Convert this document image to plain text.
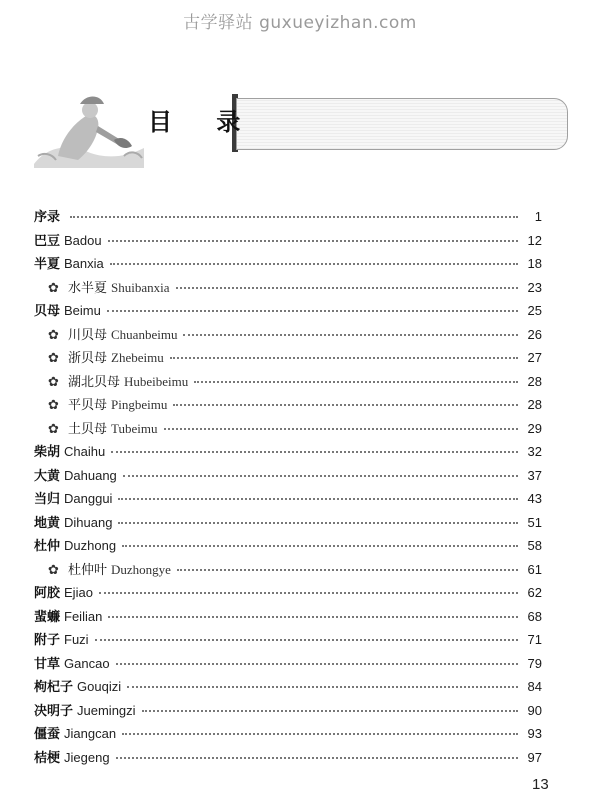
古学驿站 guxueyizhan.com
目 录
序录	1
巴豆 Badou	12
半夏 Banxia	18
✿ 水半夏 Shuibanxia	23
贝母 Beimu	25
✿ 川贝母 Chuanbeimu	26
✿ 浙贝母 Zhebeimu	27
✿ 湖北贝母 Hubeibeimu	28
✿ 平贝母 Pingbeimu	28
✿ 土贝母 Tubeimu	29
柴胡 Chaihu	32
大黄 Dahuang	37
当归 Danggui	43
地黄 Dihuang	51
杜仲 Duzhong	58
✿ 杜仲叶 Duzhongye	61
阿胶 Ejiao	62
蜚蠊 Feilian	68
附子 Fuzi	71
甘草 Gancao	79
枸杞子 Gouqizi	84
决明子 Juemingzi	90
僵蚕 Jiangcan	93
桔梗 Jiegeng	97
13
